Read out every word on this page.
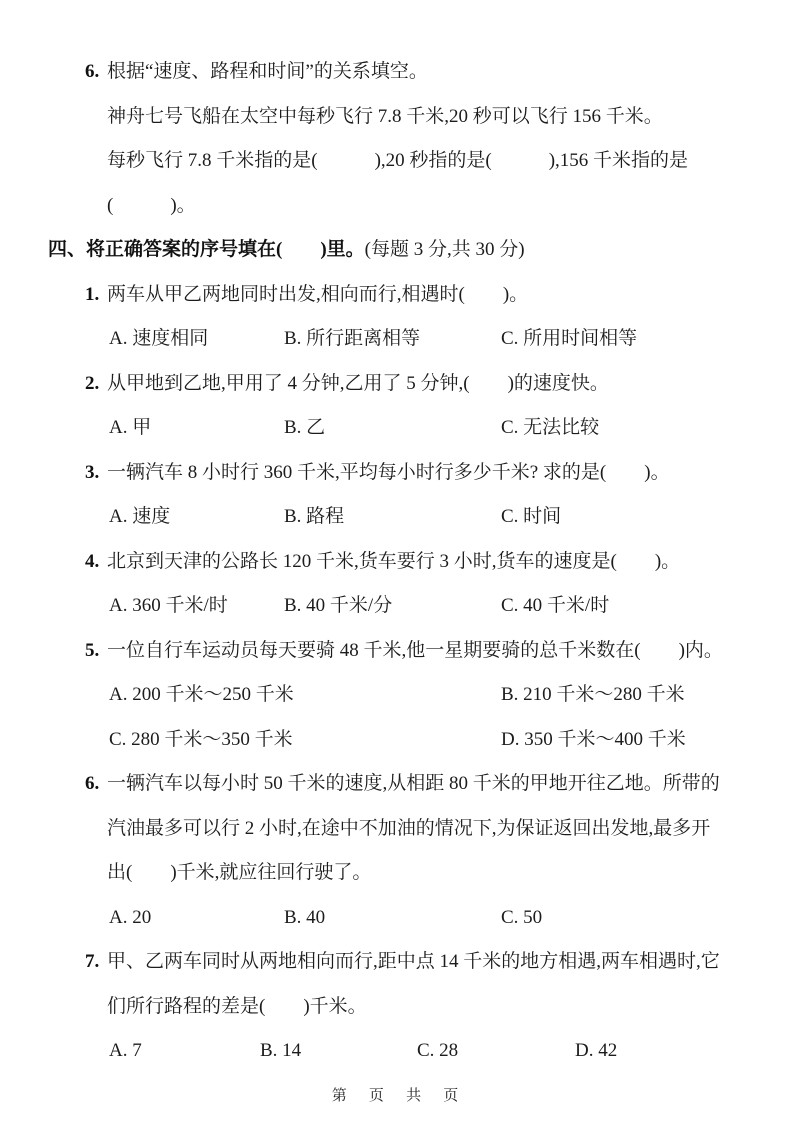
6. 根据“速度、路程和时间”的关系填空。
神舟七号飞船在太空中每秒飞行 7.8 千米,20 秒可以飞行 156 千米。
每秒飞行 7.8 千米指的是(　　　),20 秒指的是(　　　),156 千米指的是
(　　　)。
四、将正确答案的序号填在(　　)里。(每题 3 分,共 30 分)
1. 两车从甲乙两地同时出发,相向而行,相遇时(　　)。
A. 速度相同	B. 所行距离相等	C. 所用时间相等
2. 从甲地到乙地,甲用了 4 分钟,乙用了 5 分钟,(　　)的速度快。
A. 甲	B. 乙	C. 无法比较
3. 一辆汽车 8 小时行 360 千米,平均每小时行多少千米? 求的是(　　)。
A. 速度	B. 路程	C. 时间
4. 北京到天津的公路长 120 千米,货车要行 3 小时,货车的速度是(　　)。
A. 360 千米/时	B. 40 千米/分	C. 40 千米/时
5. 一位自行车运动员每天要骑 48 千米,他一星期要骑的总千米数在(　　)内。
A. 200 千米～250 千米	B. 210 千米～280 千米
C. 280 千米～350 千米	D. 350 千米～400 千米
6. 一辆汽车以每小时 50 千米的速度,从相距 80 千米的甲地开往乙地。所带的
汽油最多可以行 2 小时,在途中不加油的情况下,为保证返回出发地,最多开
出(　　)千米,就应往回行驶了。
A. 20	B. 40	C. 50
7. 甲、乙两车同时从两地相向而行,距中点 14 千米的地方相遇,两车相遇时,它
们所行路程的差是(　　)千米。
A. 7	B. 14	C. 28	D. 42
第 页 共 页
